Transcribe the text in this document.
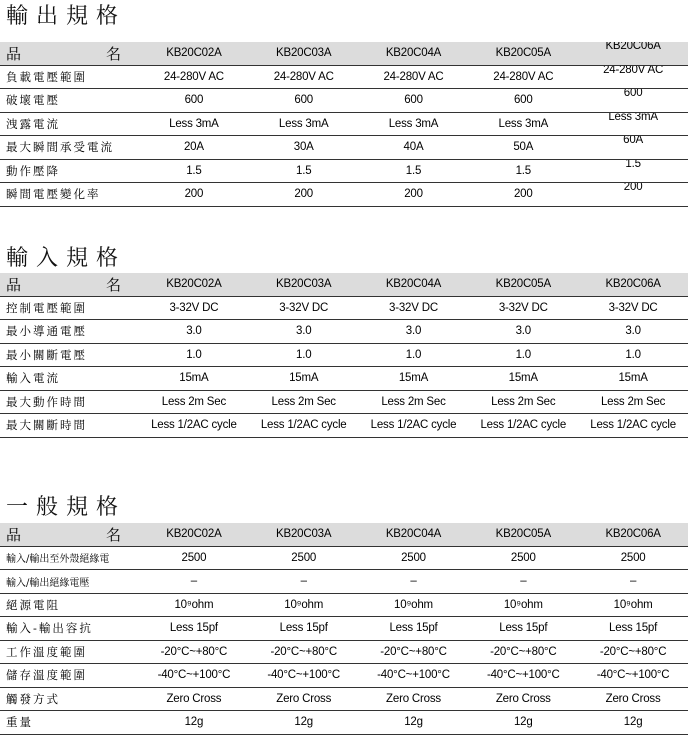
輸出規格
品 名	KB20C02A	KB20C03A	KB20C04A	KB20C05A	KB20C06A
負載電壓範圍	24-280V AC	24-280V AC	24-280V AC	24-280V AC	24-280V AC
破壞電壓	600	600	600	600	600
洩露電流	Less 3mA	Less 3mA	Less 3mA	Less 3mA	Less 3mA
最大瞬間承受電流	20A	30A	40A	50A	60A
動作壓降	1.5	1.5	1.5	1.5	1.5
瞬間電壓變化率	200	200	200	200	200
輸入規格
品 名	KB20C02A	KB20C03A	KB20C04A	KB20C05A	KB20C06A
控制電壓範圍	3-32V DC	3-32V DC	3-32V DC	3-32V DC	3-32V DC
最小導通電壓	3.0	3.0	3.0	3.0	3.0
最小關斷電壓	1.0	1.0	1.0	1.0	1.0
輸入電流	15mA	15mA	15mA	15mA	15mA
最大動作時間	Less 2m Sec	Less 2m Sec	Less 2m Sec	Less 2m Sec	Less 2m Sec
最大關斷時間	Less 1/2AC cycle	Less 1/2AC cycle	Less 1/2AC cycle	Less 1/2AC cycle	Less 1/2AC cycle
一般規格
品 名	KB20C02A	KB20C03A	KB20C04A	KB20C05A	KB20C06A
輸入/輸出至外殼絕緣電	2500	2500	2500	2500	2500
輸入/輸出絕緣電壓	–	–	–	–	–
絕源電阻	10⁹ohm	10⁹ohm	10⁹ohm	10⁹ohm	10⁹ohm
輸入-輸出容抗	Less 15pf	Less 15pf	Less 15pf	Less 15pf	Less 15pf
工作溫度範圍	-20°C~+80°C	-20°C~+80°C	-20°C~+80°C	-20°C~+80°C	-20°C~+80°C
儲存溫度範圍	-40°C~+100°C	-40°C~+100°C	-40°C~+100°C	-40°C~+100°C	-40°C~+100°C
觸發方式	Zero Cross	Zero Cross	Zero Cross	Zero Cross	Zero Cross
重量	12g	12g	12g	12g	12g
